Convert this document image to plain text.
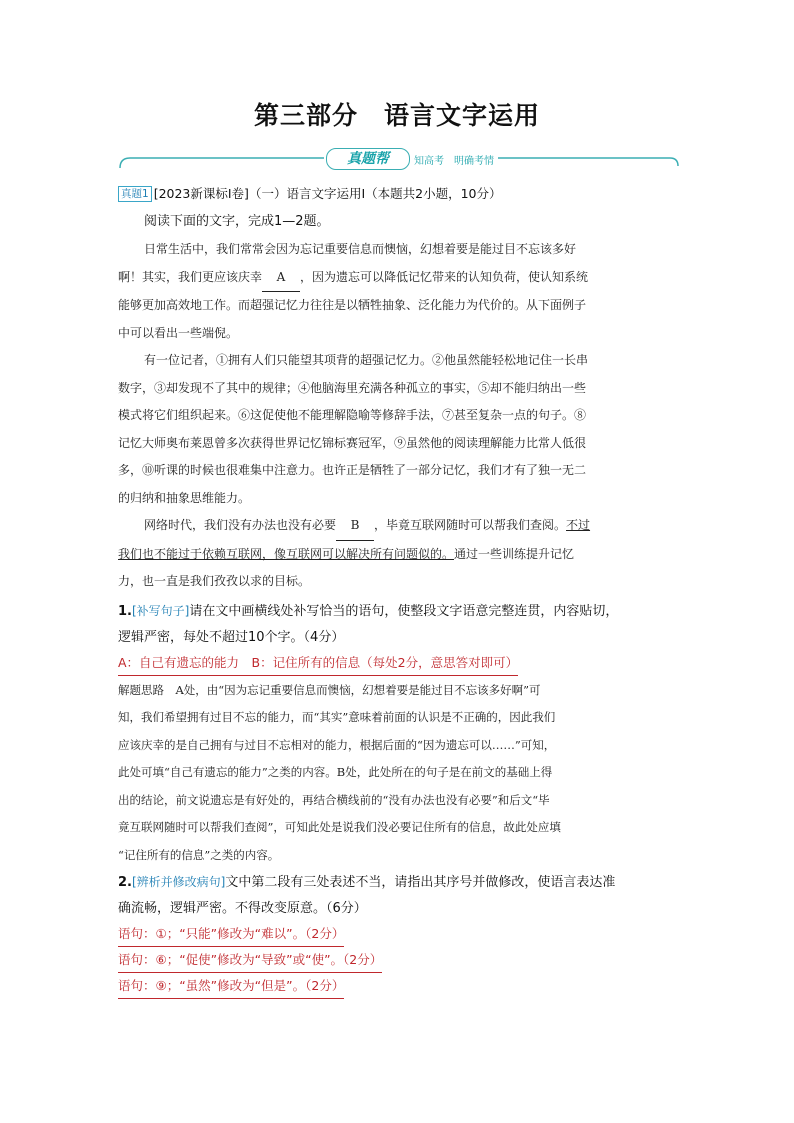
第三部分　语言文字运用
真题帮	知高考　明确考情
真题1 [2023新课标Ⅰ卷]（一）语言文字运用Ⅰ（本题共2小题，10分）
阅读下面的文字，完成1—2题。
日常生活中，我们常常会因为忘记重要信息而懊恼，幻想着要是能过目不忘该多好
啊！其实，我们更应该庆幸 A ，因为遗忘可以降低记忆带来的认知负荷，使认知系统
能够更加高效地工作。而超强记忆力往往是以牺牲抽象、泛化能力为代价的。从下面例子
中可以看出一些端倪。
有一位记者，①拥有人们只能望其项背的超强记忆力。②他虽然能轻松地记住一长串
数字，③却发现不了其中的规律；④他脑海里充满各种孤立的事实，⑤却不能归纳出一些
模式将它们组织起来。⑥这促使他不能理解隐喻等修辞手法，⑦甚至复杂一点的句子。⑧
记忆大师奥布莱恩曾多次获得世界记忆锦标赛冠军，⑨虽然他的阅读理解能力比常人低很
多，⑩听课的时候也很难集中注意力。也许正是牺牲了一部分记忆，我们才有了独一无二
的归纳和抽象思维能力。
网络时代，我们没有办法也没有必要 B ，毕竟互联网随时可以帮我们查阅。不过
我们也不能过于依赖互联网，像互联网可以解决所有问题似的。通过一些训练提升记忆
力，也一直是我们孜孜以求的目标。
1.[补写句子]请在文中画横线处补写恰当的语句，使整段文字语意完整连贯，内容贴切，
逻辑严密，每处不超过10个字。（4分）
A：自己有遗忘的能力　B：记住所有的信息（每处2分，意思答对即可）
解题思路　 A处，由“因为忘记重要信息而懊恼，幻想着要是能过目不忘该多好啊”可
知，我们希望拥有过目不忘的能力，而“其实”意味着前面的认识是不正确的，因此我们
应该庆幸的是自己拥有与过目不忘相对的能力，根据后面的“因为遗忘可以……”可知，
此处可填“自己有遗忘的能力”之类的内容。B处，此处所在的句子是在前文的基础上得
出的结论，前文说遗忘是有好处的，再结合横线前的“没有办法也没有必要”和后文“毕
竟互联网随时可以帮我们查阅”，可知此处是说我们没必要记住所有的信息，故此处应填
“记住所有的信息”之类的内容。
2.[辨析并修改病句]文中第二段有三处表述不当，请指出其序号并做修改，使语言表达准
确流畅，逻辑严密。不得改变原意。（6分）
语句：①；“只能”修改为“难以”。（2分）
语句：⑥；“促使”修改为“导致”或“使”。（2分）
语句：⑨；“虽然”修改为“但是”。（2分）
